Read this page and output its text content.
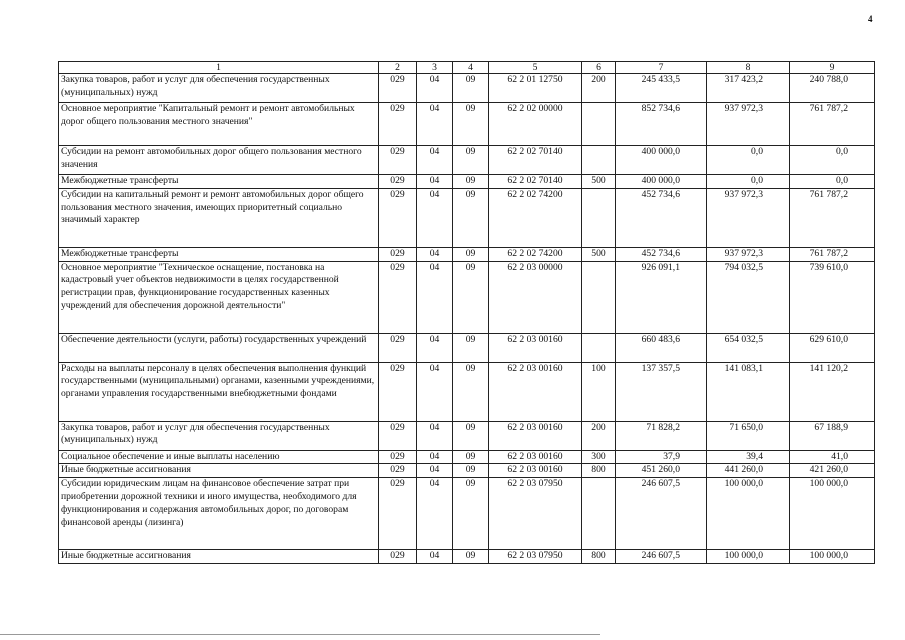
4
1	2	3	4	5	6	7	8	9
Закупка товаров, работ и услуг для обеспечения государственных (муниципальных) нужд	029	04	09	62 2 01 12750	200	245 433,5	317 423,2	240 788,0
Основное мероприятие "Капитальный ремонт и ремонт автомобильных дорог общего пользования местного значения"	029	04	09	62 2 02 00000		852 734,6	937 972,3	761 787,2
Субсидии на ремонт автомобильных дорог общего пользования местного значения	029	04	09	62 2 02 70140		400 000,0	0,0	0,0
Межбюджетные трансферты	029	04	09	62 2 02 70140	500	400 000,0	0,0	0,0
Субсидии на капитальный ремонт и ремонт автомобильных дорог общего пользования местного значения, имеющих приоритетный социально значимый характер	029	04	09	62 2 02 74200		452 734,6	937 972,3	761 787,2
Межбюджетные трансферты	029	04	09	62 2 02 74200	500	452 734,6	937 972,3	761 787,2
Основное мероприятие "Техническое оснащение, постановка на кадастровый учет объектов недвижимости в целях государственной регистрации прав, функционирование государственных казенных учреждений для обеспечения дорожной деятельности"	029	04	09	62 2 03 00000		926 091,1	794 032,5	739 610,0
Обеспечение деятельности (услуги, работы) государственных учреждений	029	04	09	62 2 03 00160		660 483,6	654 032,5	629 610,0
Расходы на выплаты персоналу в целях обеспечения выполнения функций государственными (муниципальными) органами, казенными учреждениями, органами управления государственными внебюджетными фондами	029	04	09	62 2 03 00160	100	137 357,5	141 083,1	141 120,2
Закупка товаров, работ и услуг для обеспечения государственных (муниципальных) нужд	029	04	09	62 2 03 00160	200	71 828,2	71 650,0	67 188,9
Социальное обеспечение и иные выплаты населению	029	04	09	62 2 03 00160	300	37,9	39,4	41,0
Иные бюджетные ассигнования	029	04	09	62 2 03 00160	800	451 260,0	441 260,0	421 260,0
Субсидии юридическим лицам на финансовое обеспечение затрат при приобретении дорожной техники и иного имущества, необходимого для функционирования и содержания автомобильных дорог, по договорам финансовой аренды (лизинга)	029	04	09	62 2 03 07950		246 607,5	100 000,0	100 000,0
Иные бюджетные ассигнования	029	04	09	62 2 03 07950	800	246 607,5	100 000,0	100 000,0
